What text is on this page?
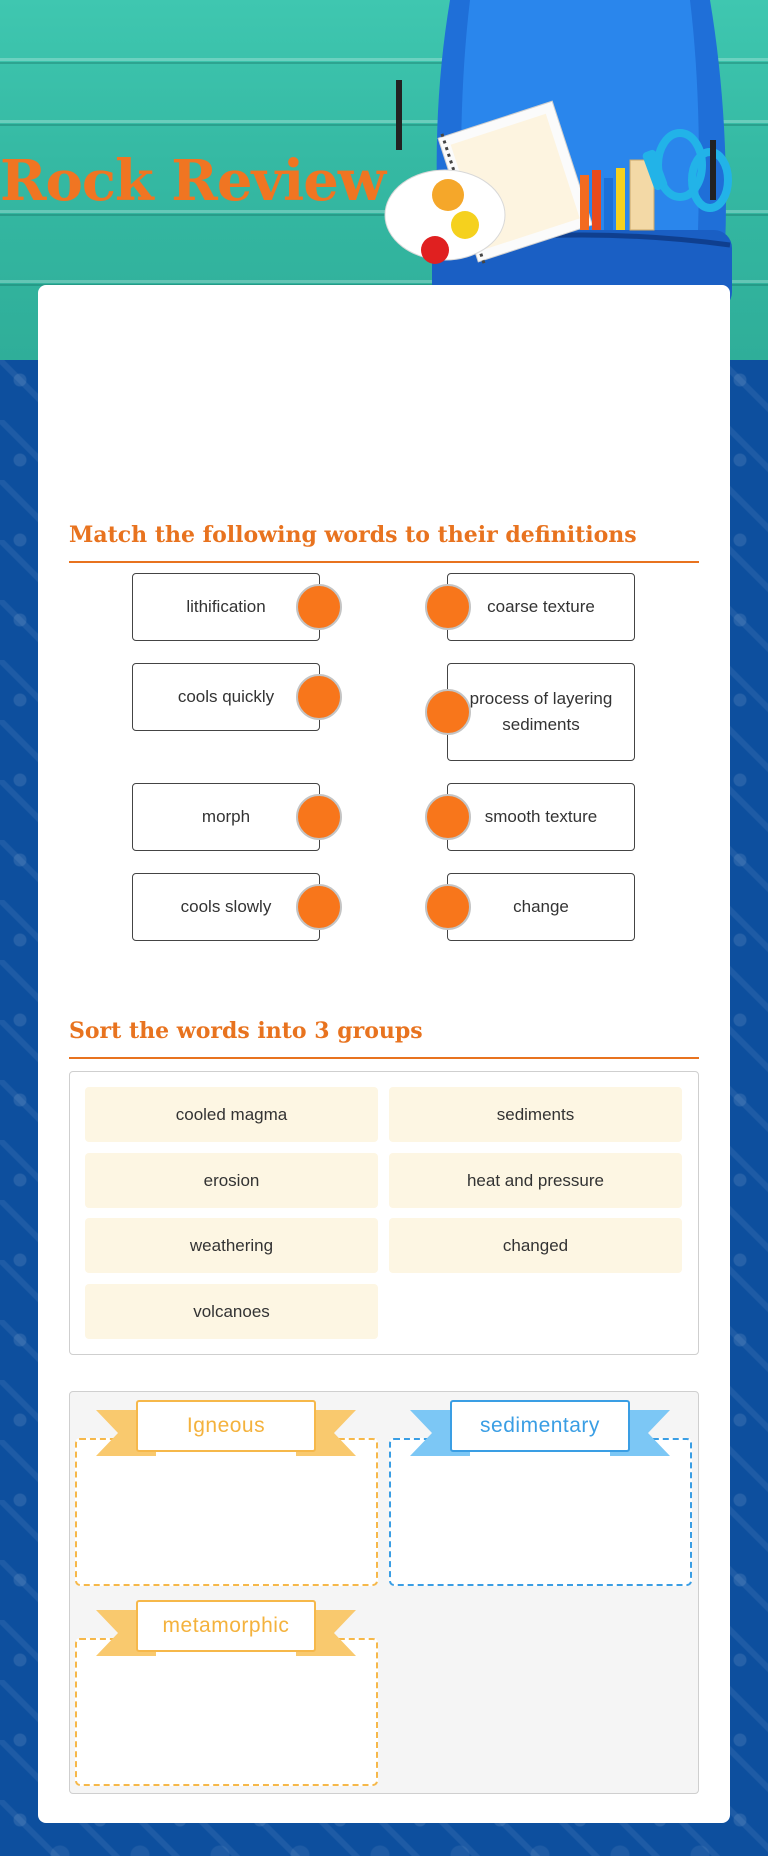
Rock Review
Match the following words to their definitions
lithification
cools quickly
morph
cools slowly
coarse texture
process of layering sediments
smooth texture
change
Sort the words into 3 groups
cooled magma	sediments
erosion	heat and pressure
weathering	changed
volcanoes
Igneous	sedimentary
metamorphic
